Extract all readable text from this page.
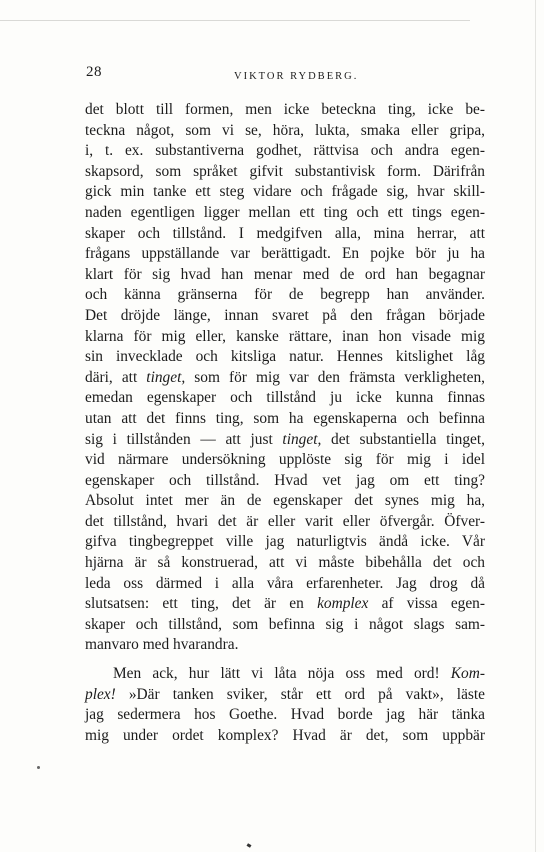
28	VIKTOR RYDBERG.
det blott till formen, men icke beteckna ting, icke be-
teckna något, som vi se, höra, lukta, smaka eller gripa,
i, t. ex. substantiverna godhet, rättvisa och andra egen-
skapsord, som språket gifvit substantivisk form. Därifrån
gick min tanke ett steg vidare och frågade sig, hvar skill-
naden egentligen ligger mellan ett ting och ett tings egen-
skaper och tillstånd. I medgifven alla, mina herrar, att
frågans uppställande var berättigadt. En pojke bör ju ha
klart för sig hvad han menar med de ord han begagnar
och känna gränserna för de begrepp han använder.
Det dröjde länge, innan svaret på den frågan började
klarna för mig eller, kanske rättare, inan hon visade mig
sin invecklade och kitsliga natur. Hennes kitslighet låg
däri, att tinget, som för mig var den främsta verkligheten,
emedan egenskaper och tillstånd ju icke kunna finnas
utan att det finns ting, som ha egenskaperna och befinna
sig i tillstånden — att just tinget, det substantiella tinget,
vid närmare undersökning upplöste sig för mig i idel
egenskaper och tillstånd. Hvad vet jag om ett ting?
Absolut intet mer än de egenskaper det synes mig ha,
det tillstånd, hvari det är eller varit eller öfvergår. Öfver-
gifva tingbegreppet ville jag naturligtvis ändå icke. Vår
hjärna är så konstruerad, att vi måste bibehålla det och
leda oss därmed i alla våra erfarenheter. Jag drog då
slutsatsen: ett ting, det är en komplex af vissa egen-
skaper och tillstånd, som befinna sig i något slags sam-
manvaro med hvarandra.
Men ack, hur lätt vi låta nöja oss med ord! Kom-
plex! »Där tanken sviker, står ett ord på vakt», läste
jag sedermera hos Goethe. Hvad borde jag här tänka
mig under ordet komplex? Hvad är det, som uppbär
